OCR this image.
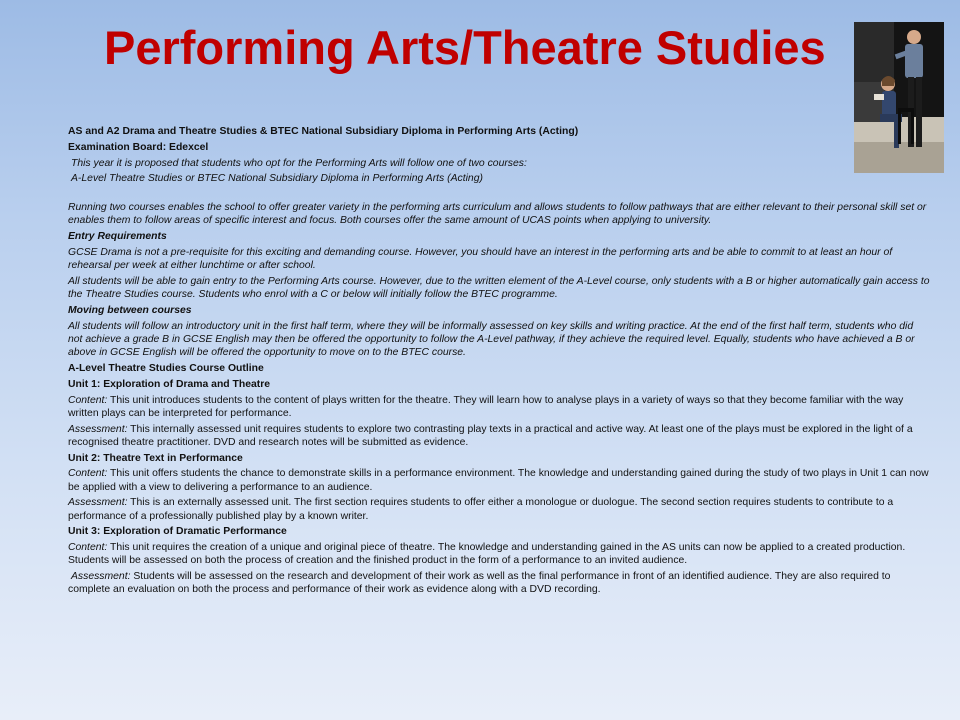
Performing Arts/Theatre Studies

AS and A2 Drama and Theatre Studies & BTEC National Subsidiary Diploma in Performing Arts (Acting)

Examination Board: Edexcel

This year it is proposed that students who opt for the Performing Arts will follow one of two courses:

A-Level Theatre Studies or BTEC National Subsidiary Diploma in Performing Arts (Acting)

Running two courses enables the school to offer greater variety in the performing arts curriculum and allows students to follow pathways that are either relevant to their personal skill set or enables them to follow areas of specific interest and focus. Both courses offer the same amount of UCAS points when applying to university.

Entry Requirements

GCSE Drama is not a pre-requisite for this exciting and demanding course. However, you should have an interest in the performing arts and be able to commit to at least an hour of rehearsal per week at either lunchtime or after school.

All students will be able to gain entry to the Performing Arts course. However, due to the written element of the A-Level course, only students with a B or higher automatically gain access to the Theatre Studies course. Students who enrol with a C or below will initially follow the BTEC programme.

Moving between courses

All students will follow an introductory unit in the first half term, where they will be informally assessed on key skills and writing practice. At the end of the first half term, students who did not achieve a grade B in GCSE English may then be offered the opportunity to follow the A-Level pathway, if they achieve the required level. Equally, students who have achieved a B or above in GCSE English will be offered the opportunity to move on to the BTEC course.

A-Level Theatre Studies Course Outline

Unit 1: Exploration of Drama and Theatre

Content: This unit introduces students to the content of plays written for the theatre. They will learn how to analyse plays in a variety of ways so that they become familiar with the way written plays can be interpreted for performance.

Assessment: This internally assessed unit requires students to explore two contrasting play texts in a practical and active way. At least one of the plays must be explored in the light of a recognised theatre practitioner. DVD and research notes will be submitted as evidence.

Unit 2: Theatre Text in Performance

Content: This unit offers students the chance to demonstrate skills in a performance environment. The knowledge and understanding gained during the study of two plays in Unit 1 can now be applied with a view to delivering a performance to an audience.

Assessment: This is an externally assessed unit. The first section requires students to offer either a monologue or duologue. The second section requires students to contribute to a performance of a professionally published play by a known writer.

Unit 3: Exploration of Dramatic Performance

Content: This unit requires the creation of a unique and original piece of theatre. The knowledge and understanding gained in the AS units can now be applied to a created production. Students will be assessed on both the process of creation and the finished product in the form of a performance to an invited audience.

Assessment: Students will be assessed on the research and development of their work as well as the final performance in front of an identified audience. They are also required to complete an evaluation on both the process and performance of their work as evidence along with a DVD recording.
